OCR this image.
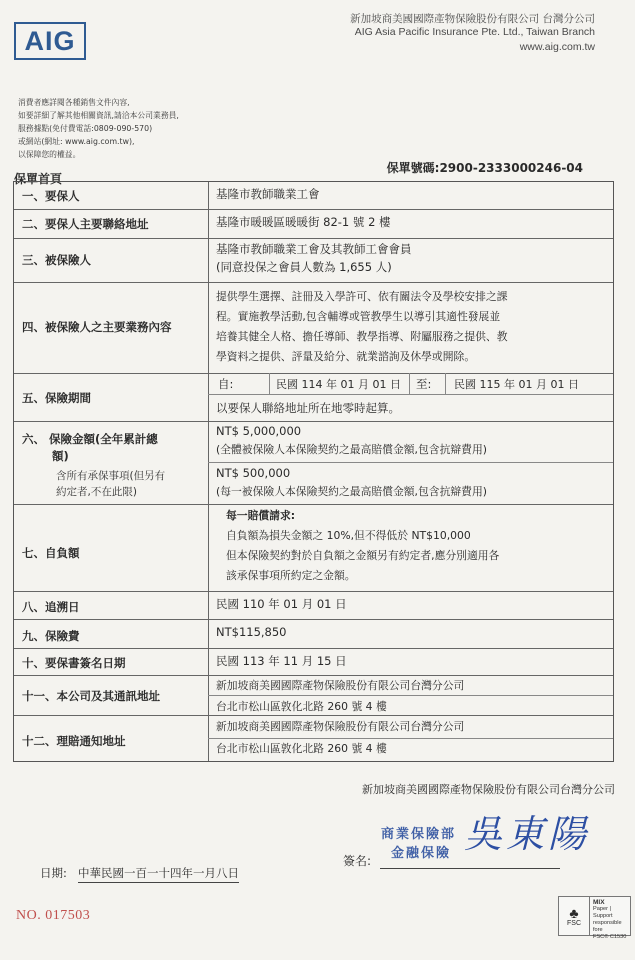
AIG
新加坡商美國國際產物保險股份有限公司 台灣分公司
AIG Asia Pacific Insurance Pte. Ltd., Taiwan Branch
www.aig.com.tw
消費者應詳閱各種銷售文件內容,
如要詳細了解其他相關資訊,請洽本公司業務員,
服務據點(免付費電話:0809-090-570)
或網站(網址: www.aig.com.tw),
以保障您的權益。
保單首頁
保單號碼:2900-2333000246-04
一、要保人	基隆市教師職業工會
二、要保人主要聯絡地址	基隆市暖暖區暖暖街 82-1 號 2 樓
三、被保險人
基隆市教師職業工會及其教師工會會員
(同意投保之會員人數為 1,655 人)
四、被保險人之主要業務內容
提供學生選擇、註冊及入學許可、依有關法令及學校安排之課
程。實施教學活動,包含輔導或管教學生以導引其適性發展並
培養其健全人格、擔任導師、教學指導、附屬服務之提供、教
學資料之提供、評量及給分、就業諮詢及休學或開除。
五、保險期間
自:	民國 114 年 01 月 01 日 至: 民國 115 年 01 月 01 日
以要保人聯絡地址所在地零時起算。
六、 保險金額(全年累計總
額)
含所有承保事項(但另有
約定者,不在此限)
NT$ 5,000,000
(全體被保險人本保險契約之最高賠償金額,包含抗辯費用)
NT$ 500,000
(每一被保險人本保險契約之最高賠償金額,包含抗辯費用)
七、自負額
每一賠償請求:
自負額為損失金額之 10%,但不得低於 NT$10,000
但本保險契約對於自負額之金額另有約定者,應分別適用各
該承保事項所約定之金額。
八、追溯日	民國 110 年 01 月 01 日
九、保險費	NT$115,850
十、要保書簽名日期	民國 113 年 11 月 15 日
十一、本公司及其通訊地址
新加坡商美國國際產物保險股份有限公司台灣分公司
台北市松山區敦化北路 260 號 4 樓
十二、理賠通知地址
新加坡商美國國際產物保險股份有限公司台灣分公司
台北市松山區敦化北路 260 號 4 樓
新加坡商美國國際產物保險股份有限公司台灣分公司
商業保險部
金融保險 吳東陽
簽名:
日期: 中華民國一百一十四年一月八日
NO. 017503	♣
FSC
MIX
Paper | Support
responsible fore
FSC® C1530
